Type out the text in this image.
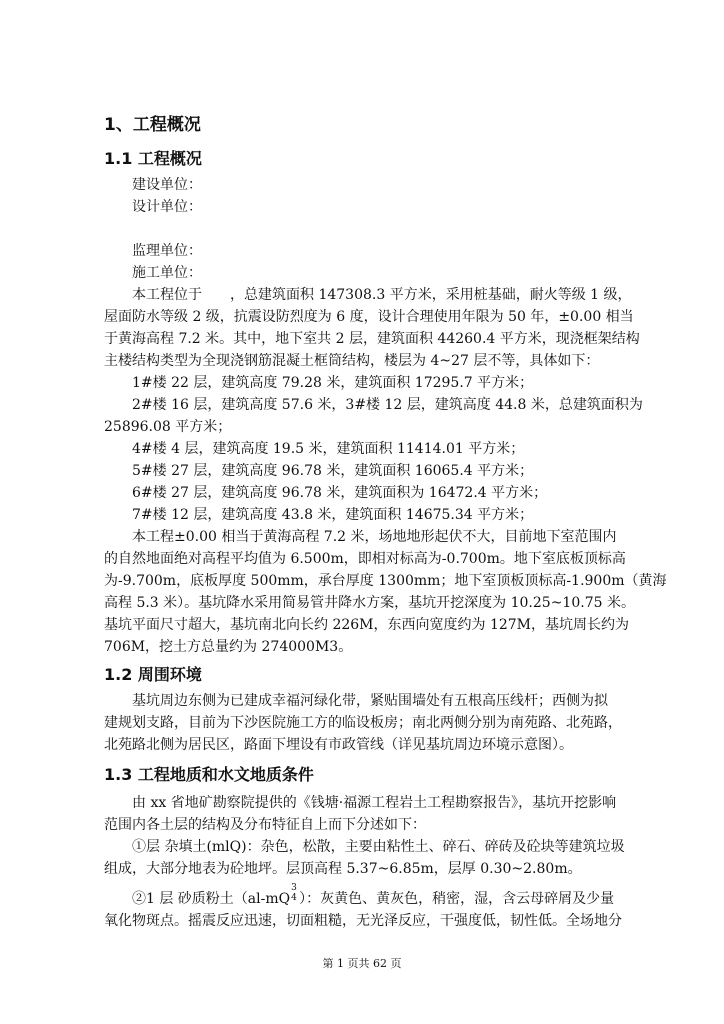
1、工程概况
1.1 工程概况
建设单位：
设计单位：
监理单位：
施工单位：
本工程位于　　，总建筑面积 147308.3 平方米，采用桩基础，耐火等级 1 级，
屋面防水等级 2 级，抗震设防烈度为 6 度，设计合理使用年限为 50 年，±0.00 相当
于黄海高程 7.2 米。其中，地下室共 2 层，建筑面积 44260.4 平方米，现浇框架结构
主楼结构类型为全现浇钢筋混凝土框筒结构，楼层为 4~27 层不等，具体如下：
1#楼 22 层，建筑高度 79.28 米，建筑面积 17295.7 平方米；
2#楼 16 层，建筑高度 57.6 米，3#楼 12 层，建筑高度 44.8 米，总建筑面积为
25896.08 平方米；
4#楼 4 层，建筑高度 19.5 米，建筑面积 11414.01 平方米；
5#楼 27 层，建筑高度 96.78 米，建筑面积 16065.4 平方米；
6#楼 27 层，建筑高度 96.78 米，建筑面积为 16472.4 平方米；
7#楼 12 层，建筑高度 43.8 米，建筑面积 14675.34 平方米；
本工程±0.00 相当于黄海高程 7.2 米，场地地形起伏不大，目前地下室范围内
的自然地面绝对高程平均值为 6.500m，即相对标高为-0.700m。地下室底板顶标高
为-9.700m，底板厚度 500mm，承台厚度 1300mm；地下室顶板顶标高-1.900m（黄海
高程 5.3 米）。基坑降水采用简易管井降水方案，基坑开挖深度为 10.25~10.75 米。
基坑平面尺寸超大，基坑南北向长约 226M，东西向宽度约为 127M，基坑周长约为
706M，挖土方总量约为 274000M3。
1.2 周围环境
基坑周边东侧为已建成幸福河绿化带，紧贴围墙处有五根高压线杆；西侧为拟
建规划支路，目前为下沙医院施工方的临设板房；南北两侧分别为南苑路、北苑路，
北苑路北侧为居民区，路面下埋设有市政管线（详见基坑周边环境示意图）。
1.3 工程地质和水文地质条件
由 xx 省地矿勘察院提供的《钱塘·福源工程岩土工程勘察报告》，基坑开挖影响
范围内各土层的结构及分布特征自上而下分述如下：
①层 杂填土(mlQ)：杂色，松散，主要由粘性土、碎石、碎砖及砼块等建筑垃圾
组成，大部分地表为砼地坪。层顶高程 5.37~6.85m，层厚 0.30~2.80m。
②1 层 砂质粉土（al-mQ
3
4 ）：灰黄色、黄灰色，稍密，湿，含云母碎屑及少量
氧化物斑点。摇震反应迅速，切面粗糙，无光泽反应，干强度低，韧性低。全场地分
第 1 页共 62 页
